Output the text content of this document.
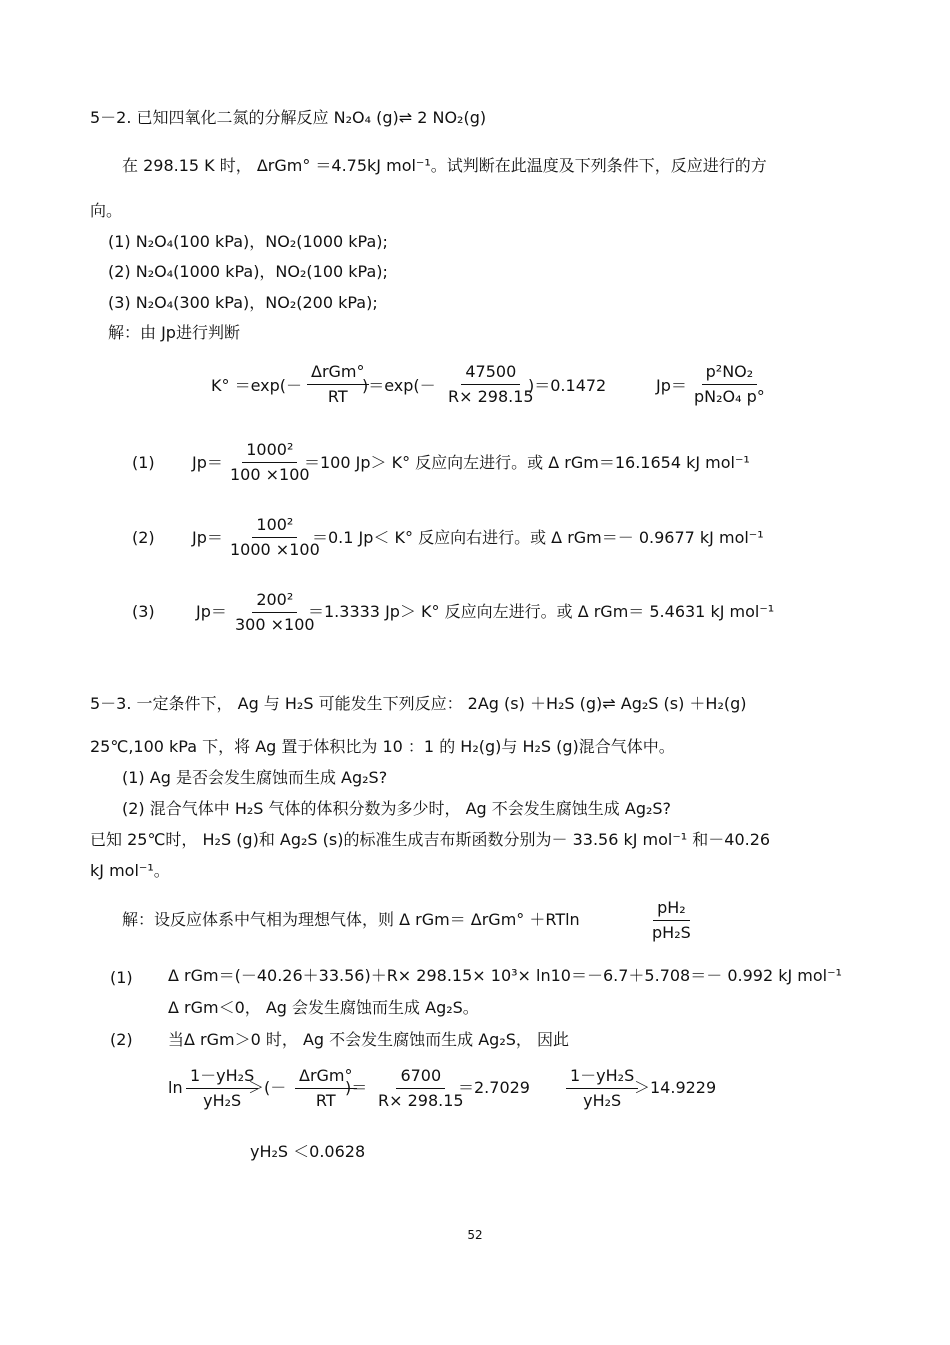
5－2. 已知四氧化二氮的分解反应 N₂O₄ (g)⇌ 2 NO₂(g)
在 298.15 K 时， ΔrGm° ＝4.75kJ mol⁻¹。试判断在此温度及下列条件下，反应进行的方
向。
(1) N₂O₄(100 kPa)，NO₂(1000 kPa);
(2) N₂O₄(1000 kPa)，NO₂(100 kPa);
(3) N₂O₄(300 kPa)，NO₂(200 kPa);
解：由 Jp进行判断
K° ＝exp(－
ΔrGm°
RT
)$=\exp(- \frac{47500}{R\times 298.15}$
)＝0.1472	$Jp= \frac{\text{p²NO₂}}{\text{pN₂O₄ p°}}$
(1) $Jp= \frac{\text{1000²}}{100 \times 100}$
＝100 Jp＞ K° 反应向左进行。或 Δ rGm＝16.1654 kJ mol⁻¹
(2) $Jp= \frac{\text{100²}}{1000 \times 100}$
＝0.1 Jp＜ K° 反应向右进行。或 Δ rGm＝－ 0.9677 kJ mol⁻¹
(3)	$Jp= \frac{\text{200²}}{300 \times 100}$
＝1.3333 Jp＞ K° 反应向左进行。或 Δ rGm＝ 5.4631 kJ mol⁻¹
5－3. 一定条件下， Ag 与 H₂S 可能发生下列反应： 2Ag (s) ＋H₂S (g)⇌ Ag₂S (s) ＋H₂(g)
25℃,100 kPa 下，将 Ag 置于体积比为 10 ：1 的 H₂(g)与 H₂S (g)混合气体中。
(1) Ag 是否会发生腐蚀而生成 Ag₂S?
(2) 混合气体中 H₂S 气体的体积分数为多少时， Ag 不会发生腐蚀生成 Ag₂S?
已知 25℃时， H₂S (g)和 Ag₂S (s)的标准生成吉布斯函数分别为－ 33.56 kJ mol⁻¹ 和－40.26
kJ mol⁻¹。
解：设反应体系中气相为理想气体，则 Δ rGm＝ ΔrGm° ＋RTln	$\frac{\text{pH₂}}{\text{pH₂S}}$
(1) Δ rGm＝(－40.26＋33.56)＋R× 298.15× 10³× ln10＝－6.7＋5.708＝－ 0.992 kJ mol⁻¹
Δ rGm＜0， Ag 会发生腐蚀而生成 Ag₂S。
(2) 当Δ rGm＞0 时， Ag 不会发生腐蚀而生成 Ag₂S， 因此
$\ln \frac{\text{1－yH₂S}}{\text{yH₂S}}$
＞(－
ΔrGm°
RT
)＝ $\frac{6700}{R\times 298.15}$
$=2.7029 \frac{\text{1－yH₂S}}{\text{yH₂S}}$
＞14.9229
yH₂S ＜0.0628
52
